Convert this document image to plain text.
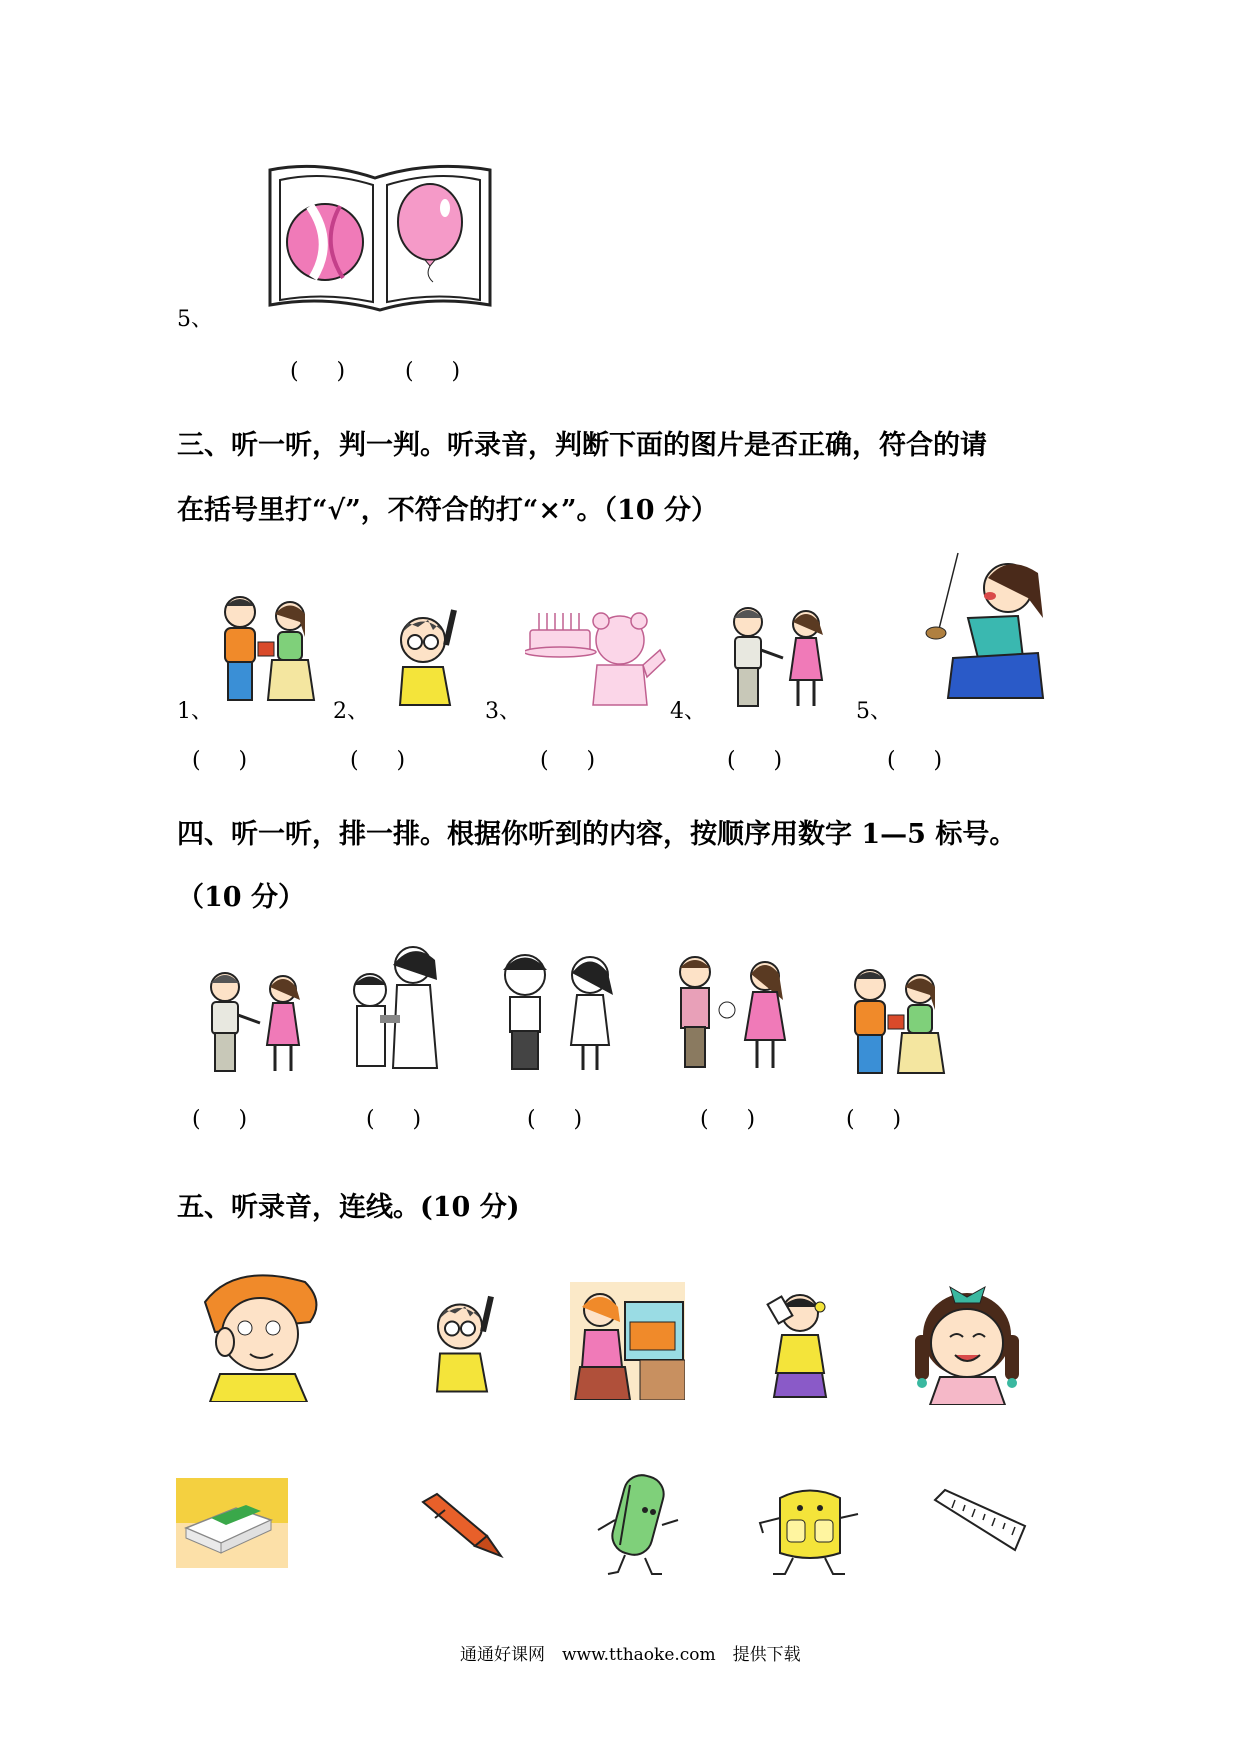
5、
(    )	(    )
三、听一听，判一判。听录音，判断下面的图片是否正确，符合的请
在括号里打“√”，不符合的打“×”。（10 分）
1、	2、	3、	4、	5、
(    )	(    )	(    )	(    )	(    )
四、听一听，排一排。根据你听到的内容，按顺序用数字 1—5 标号。
（10 分）
(    )	(    )	(    )	(    )	(    )
五、听录音，连线。(10 分)
通通好课网　www.tthaoke.com　提供下载
